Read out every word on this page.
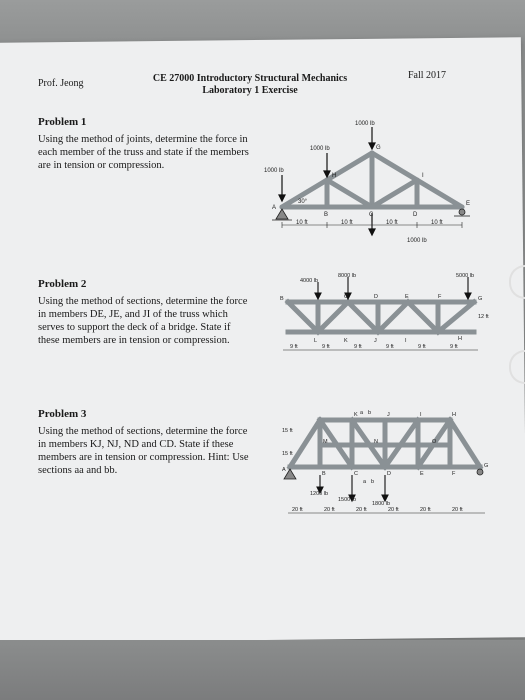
Prof. Jeong	CE 27000 Introductory Structural Mechanics
Laboratory 1 Exercise
Fall 2017
Problem 1
Using the method of joints, determine the force in each member of the truss and state if the members are in tension or compression.
Problem 2
Using the method of sections, determine the force in members DE, JE, and JI of the truss which serves to support the deck of a bridge. State if these members are in tension or compression.
Problem 3
Using the method of sections, determine the force in members KJ, NJ, ND and CD. State if these members are in tension or compression. Hint: Use sections aa and bb.
1000 lb
1000 lb
1000 lb
1000 lb
30°
A
B	C	D
E
G
H	I
10 ft	10 ft	10 ft	10 ft
4000 lb
8000 lb	5000 lb
B	C	D	E	F	G
L	K	J	I	H
12 ft
9 ft	9 ft	9 ft	9 ft	9 ft	9 ft
1200 lb
1500 lb
1800 lb
A
B	C	D	E	F
G
H
I
J
K
M	N	O
a b
a b
15 ft
15 ft
20 ft	20 ft	20 ft	20 ft	20 ft	20 ft
